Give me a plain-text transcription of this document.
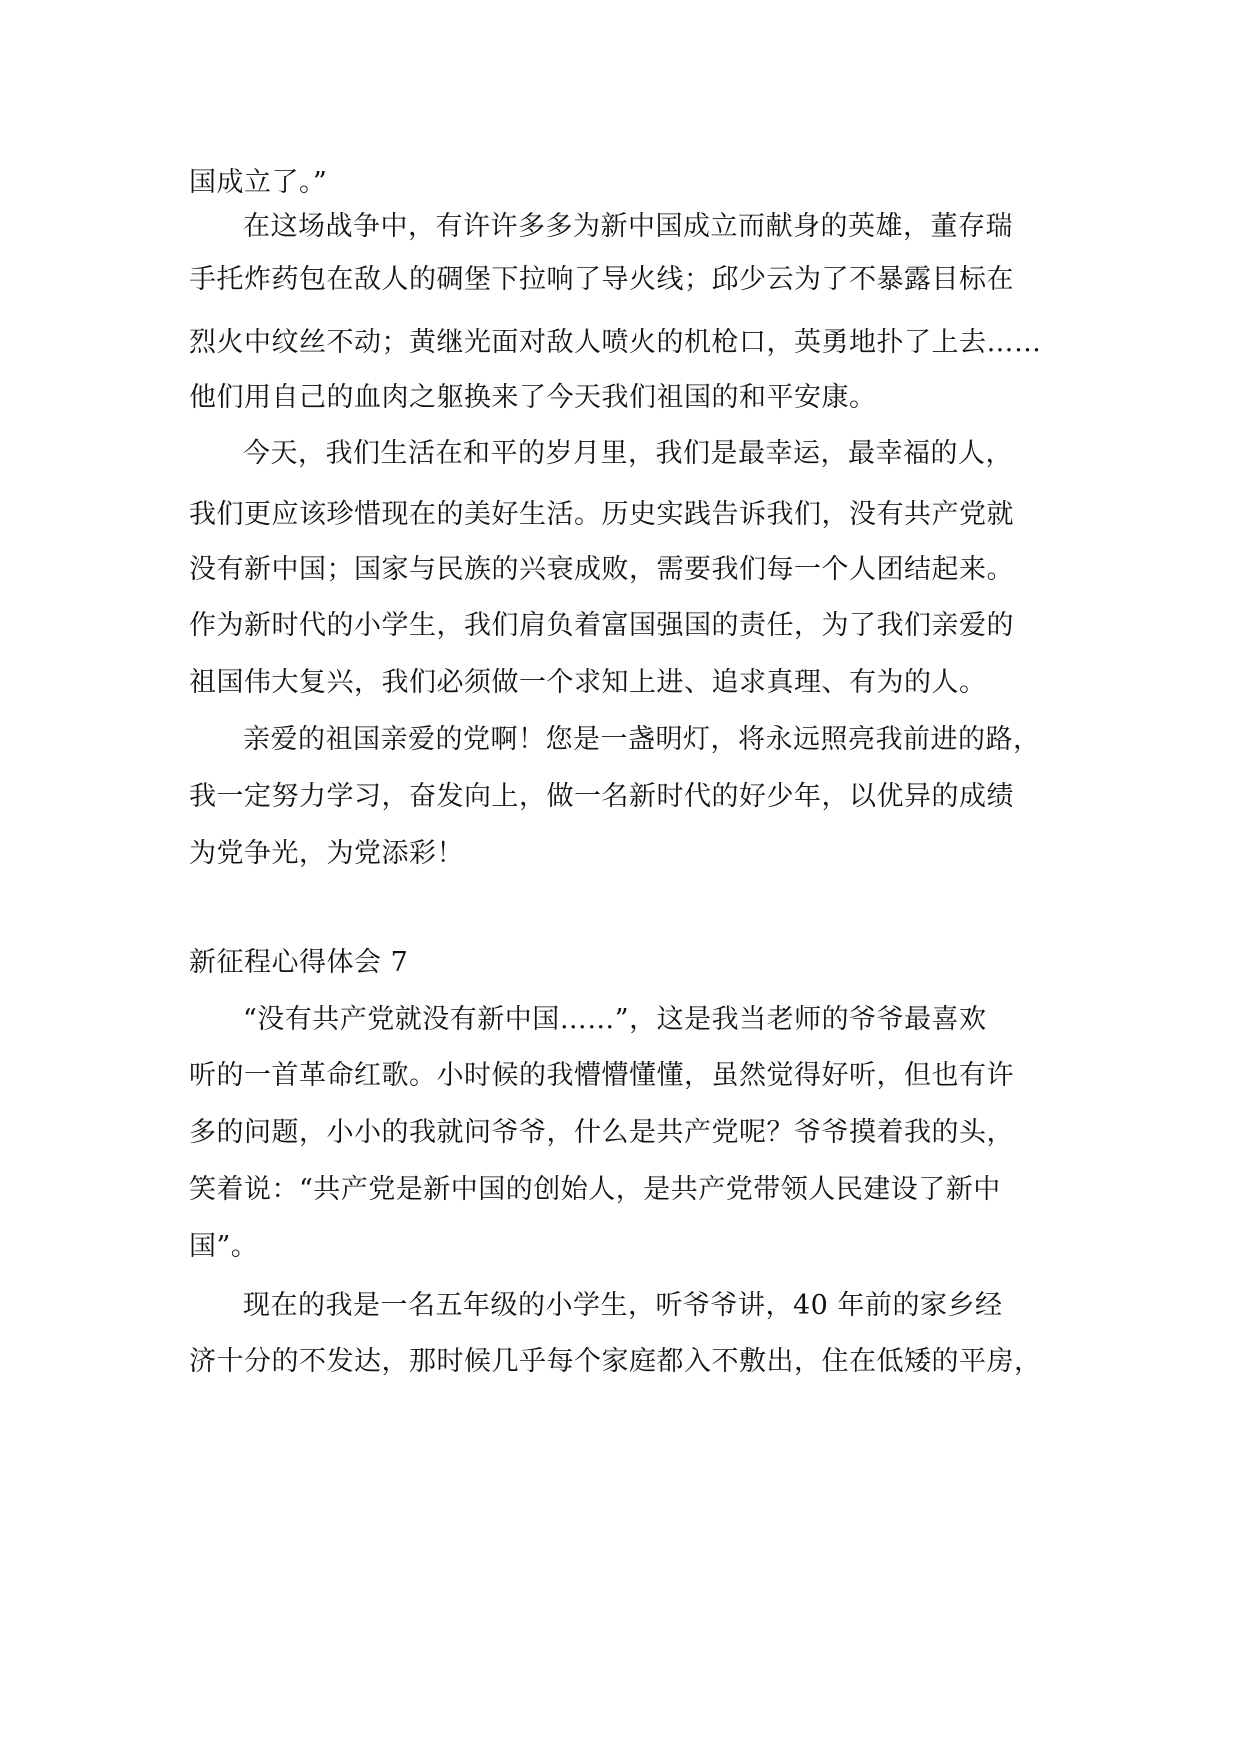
国成立了。”
在这场战争中，有许许多多为新中国成立而献身的英雄，董存瑞
手托炸药包在敌人的碉堡下拉响了导火线；邱少云为了不暴露目标在
烈火中纹丝不动；黄继光面对敌人喷火的机枪口，英勇地扑了上去……
他们用自己的血肉之躯换来了今天我们祖国的和平安康。
今天，我们生活在和平的岁月里，我们是最幸运，最幸福的人，
我们更应该珍惜现在的美好生活。历史实践告诉我们，没有共产党就
没有新中国；国家与民族的兴衰成败，需要我们每一个人团结起来。
作为新时代的小学生，我们肩负着富国强国的责任，为了我们亲爱的
祖国伟大复兴，我们必须做一个求知上进、追求真理、有为的人。
亲爱的祖国亲爱的党啊！您是一盏明灯，将永远照亮我前进的路，
我一定努力学习，奋发向上，做一名新时代的好少年，以优异的成绩
为党争光，为党添彩！
新征程心得体会 7
“没有共产党就没有新中国……”，这是我当老师的爷爷最喜欢
听的一首革命红歌。小时候的我懵懵懂懂，虽然觉得好听，但也有许
多的问题，小小的我就问爷爷，什么是共产党呢？爷爷摸着我的头，
笑着说：“共产党是新中国的创始人，是共产党带领人民建设了新中
国”。
现在的我是一名五年级的小学生，听爷爷讲，40 年前的家乡经
济十分的不发达，那时候几乎每个家庭都入不敷出，住在低矮的平房，
